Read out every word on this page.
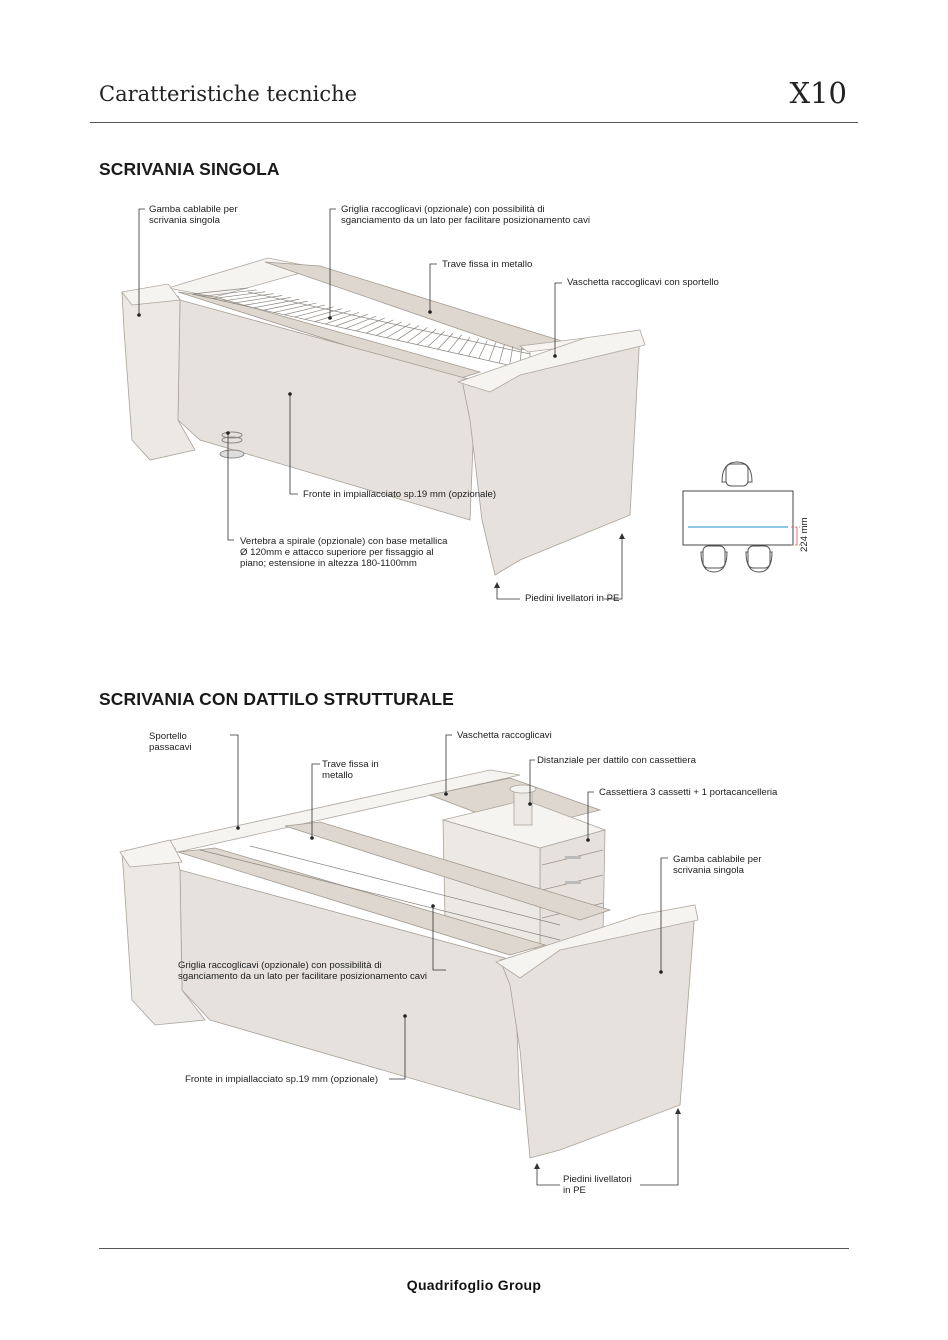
Caratteristiche tecniche	X10
SCRIVANIA SINGOLA
Gamba cablabile per
scrivania singola
Griglia raccoglicavi (opzionale) con possibilità di
sganciamento da un lato per facilitare posizionamento cavi
Trave fissa in metallo
Vaschetta raccoglicavi con sportello
Fronte in impiallacciato sp.19 mm (opzionale)
Vertebra a spirale (opzionale) con base metallica
Ø 120mm e attacco superiore per fissaggio al
piano; estensione in altezza 180-1100mm
Piedini livellatori in PE
224 mm
SCRIVANIA CON DATTILO STRUTTURALE
Sportello
passacavi
Trave fissa in
metallo
Vaschetta raccoglicavi
Distanziale per dattilo con cassettiera
Cassettiera 3 cassetti + 1 portacancelleria
Gamba cablabile per
scrivania singola
Griglia raccoglicavi (opzionale) con possibilità di
sganciamento da un lato per facilitare posizionamento cavi
Fronte in impiallacciato sp.19 mm (opzionale)
Piedini livellatori
in PE
Quadrifoglio Group
